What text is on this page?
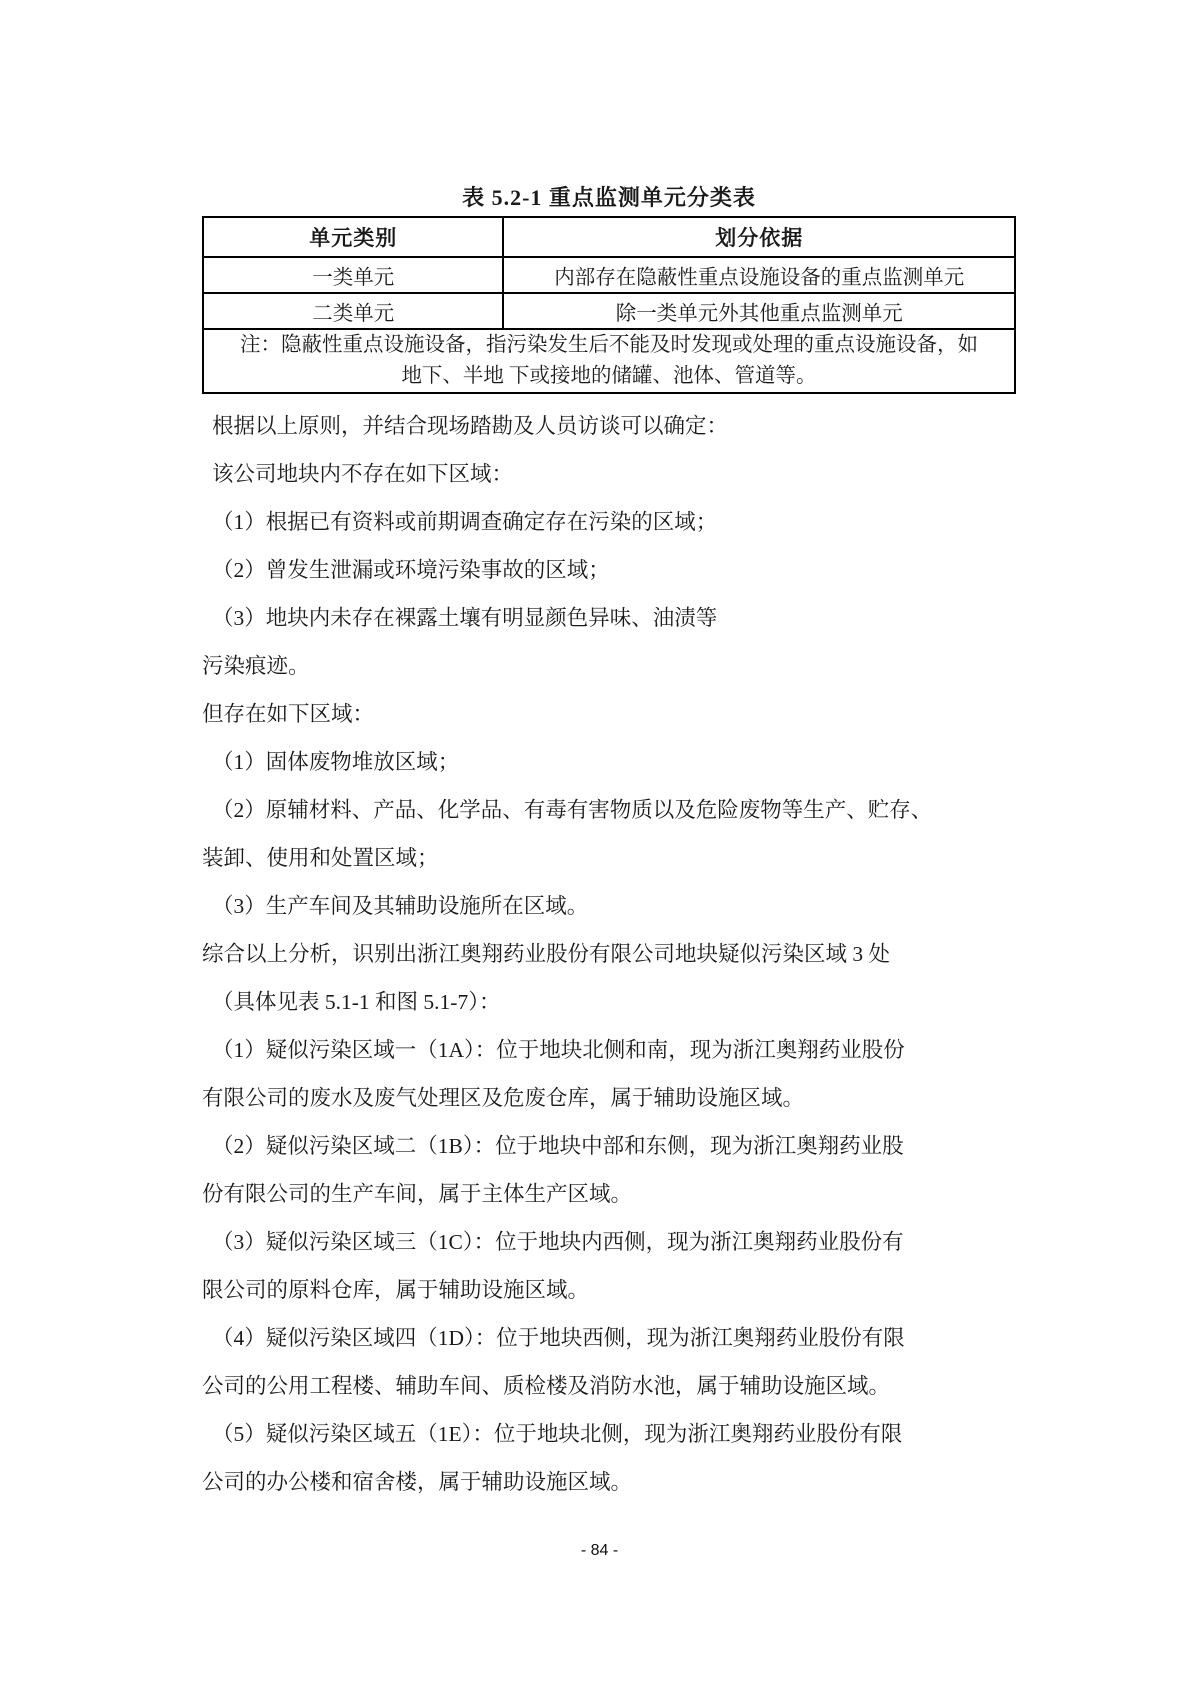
表 5.2-1 重点监测单元分类表
单元类别	划分依据
一类单元	内部存在隐蔽性重点设施设备的重点监测单元
二类单元	除一类单元外其他重点监测单元

注：隐蔽性重点设施设备，指污染发生后不能及时发现或处理的重点设施设备，如
地下、半地 下或接地的储罐、池体、管道等。	
根据以上原则，并结合现场踏勘及人员访谈可以确定：
该公司地块内不存在如下区域：
（1）根据已有资料或前期调查确定存在污染的区域；
（2）曾发生泄漏或环境污染事故的区域；
（3）地块内未存在裸露土壤有明显颜色异味、油渍等
污染痕迹。
但存在如下区域：
（1）固体废物堆放区域；
（2）原辅材料、产品、化学品、有毒有害物质以及危险废物等生产、贮存、
装卸、使用和处置区域；
（3）生产车间及其辅助设施所在区域。
综合以上分析，识别出浙江奥翔药业股份有限公司地块疑似污染区域 3 处
（具体见表 5.1-1 和图 5.1-7）：
（1）疑似污染区域一（1A）：位于地块北侧和南，现为浙江奥翔药业股份
有限公司的废水及废气处理区及危废仓库，属于辅助设施区域。
（2）疑似污染区域二（1B）：位于地块中部和东侧，现为浙江奥翔药业股
份有限公司的生产车间，属于主体生产区域。
（3）疑似污染区域三（1C）：位于地块内西侧，现为浙江奥翔药业股份有
限公司的原料仓库，属于辅助设施区域。
（4）疑似污染区域四（1D）：位于地块西侧，现为浙江奥翔药业股份有限
公司的公用工程楼、辅助车间、质检楼及消防水池，属于辅助设施区域。
（5）疑似污染区域五（1E）：位于地块北侧，现为浙江奥翔药业股份有限
公司的办公楼和宿舍楼，属于辅助设施区域。
- 84 -
